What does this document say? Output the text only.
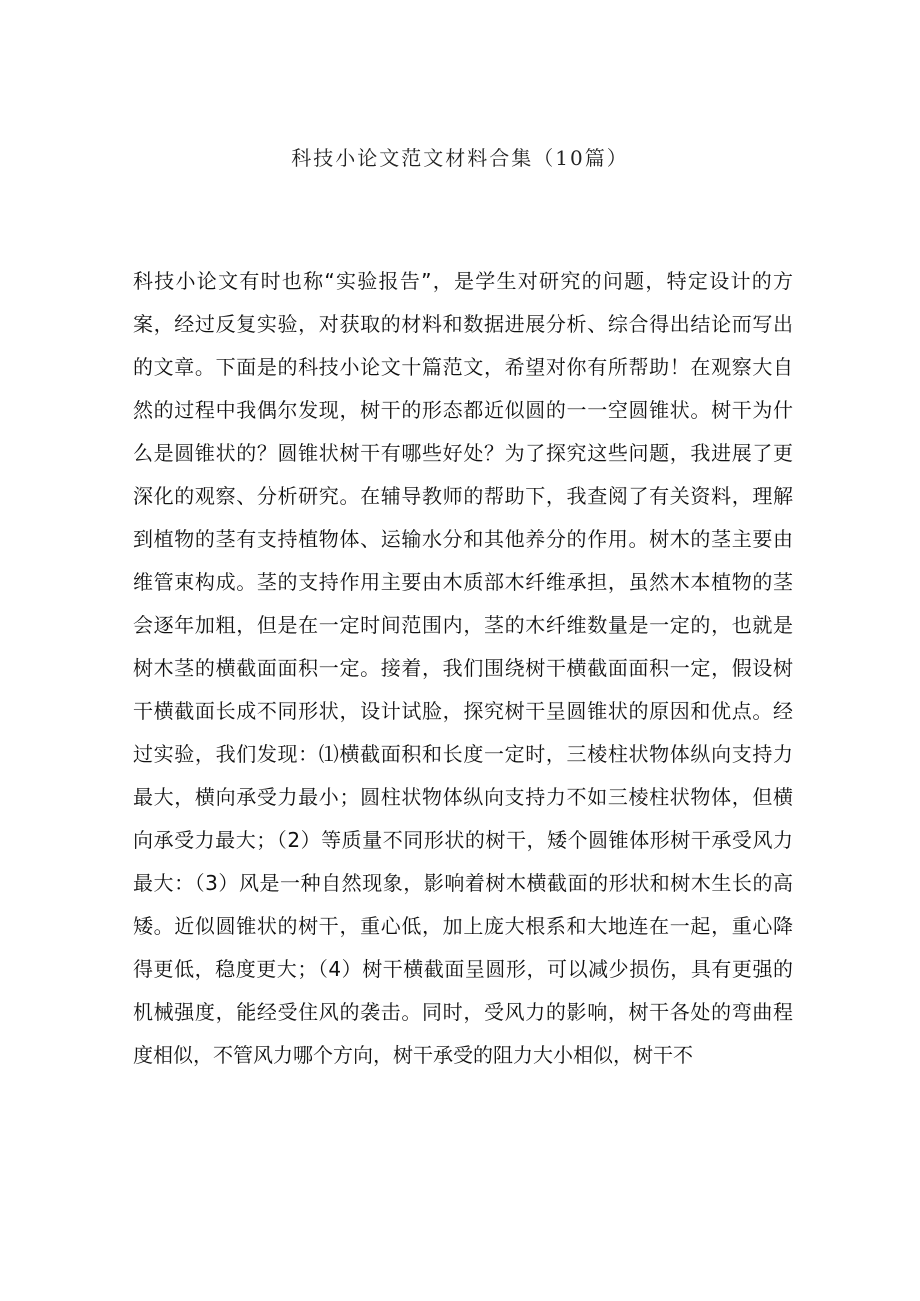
科技小论文范文材料合集（10篇）
科技小论文有时也称“实验报告”，是学生对研究的问题，特定设计的方
案，经过反复实验，对获取的材料和数据进展分析、综合得出结论而写出
的文章。下面是的科技小论文十篇范文，希望对你有所帮助！在观察大自
然的过程中我偶尔发现，树干的形态都近似圆的一一空圆锥状。树干为什
么是圆锥状的？圆锥状树干有哪些好处？为了探究这些问题，我进展了更
深化的观察、分析研究。在辅导教师的帮助下，我查阅了有关资料，理解
到植物的茎有支持植物体、运输水分和其他养分的作用。树木的茎主要由
维管束构成。茎的支持作用主要由木质部木纤维承担，虽然木本植物的茎
会逐年加粗，但是在一定时间范围内，茎的木纤维数量是一定的，也就是
树木茎的横截面面积一定。接着，我们围绕树干横截面面积一定，假设树
干横截面长成不同形状，设计试脸，探究树干呈圆锥状的原因和优点。经
过实验，我们发现：⑴横截面积和长度一定时，三棱柱状物体纵向支持力
最大，横向承受力最小；圆柱状物体纵向支持力不如三棱柱状物体，但横
向承受力最大；（2）等质量不同形状的树干，矮个圆锥体形树干承受风力
最大：（3）风是一种自然现象，影响着树木横截面的形状和树木生长的高
矮。近似圆锥状的树干，重心低，加上庞大根系和大地连在一起，重心降
得更低，稳度更大；（4）树干横截面呈圆形，可以减少损伤，具有更强的
机械强度，能经受住风的袭击。同时，受风力的影响，树干各处的弯曲程
度相似，不管风力哪个方向，树干承受的阻力大小相似，树干不
